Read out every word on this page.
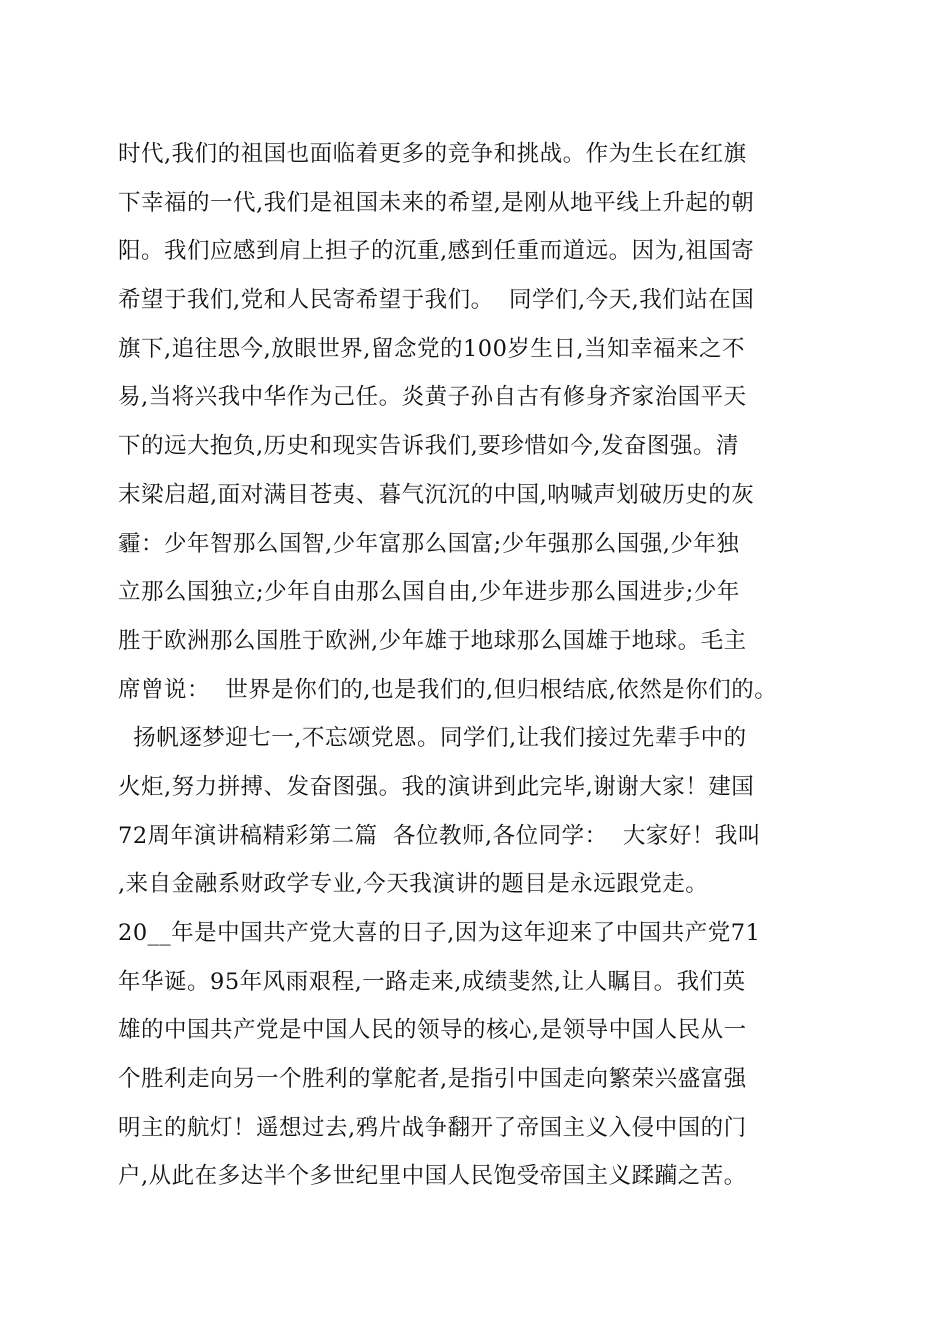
时代,我们的祖国也面临着更多的竞争和挑战。作为生长在红旗
下幸福的一代,我们是祖国未来的希望,是刚从地平线上升起的朝
阳。我们应感到肩上担子的沉重,感到任重而道远。因为,祖国寄
希望于我们,党和人民寄希望于我们。  同学们,今天,我们站在国
旗下,追往思今,放眼世界,留念党的100岁生日,当知幸福来之不
易,当将兴我中华作为己任。炎黄子孙自古有修身齐家治国平天
下的远大抱负,历史和现实告诉我们,要珍惜如今,发奋图强。清
末梁启超,面对满目苍夷、暮气沉沉的中国,呐喊声划破历史的灰
霾：少年智那么国智,少年富那么国富;少年强那么国强,少年独
立那么国独立;少年自由那么国自由,少年进步那么国进步;少年
胜于欧洲那么国胜于欧洲,少年雄于地球那么国雄于地球。毛主
席曾说：  世界是你们的,也是我们的,但归根结底,依然是你们的。
扬帆逐梦迎七一,不忘颂党恩。同学们,让我们接过先辈手中的
火炬,努力拼搏、发奋图强。我的演讲到此完毕,谢谢大家！建国
72周年演讲稿精彩第二篇  各位教师,各位同学：  大家好！我叫
,来自金融系财政学专业,今天我演讲的题目是永远跟党走。
20__年是中国共产党大喜的日子,因为这年迎来了中国共产党71
年华诞。95年风雨艰程,一路走来,成绩斐然,让人瞩目。我们英
雄的中国共产党是中国人民的领导的核心,是领导中国人民从一
个胜利走向另一个胜利的掌舵者,是指引中国走向繁荣兴盛富强
明主的航灯！遥想过去,鸦片战争翻开了帝国主义入侵中国的门
户,从此在多达半个多世纪里中国人民饱受帝国主义蹂躏之苦。
